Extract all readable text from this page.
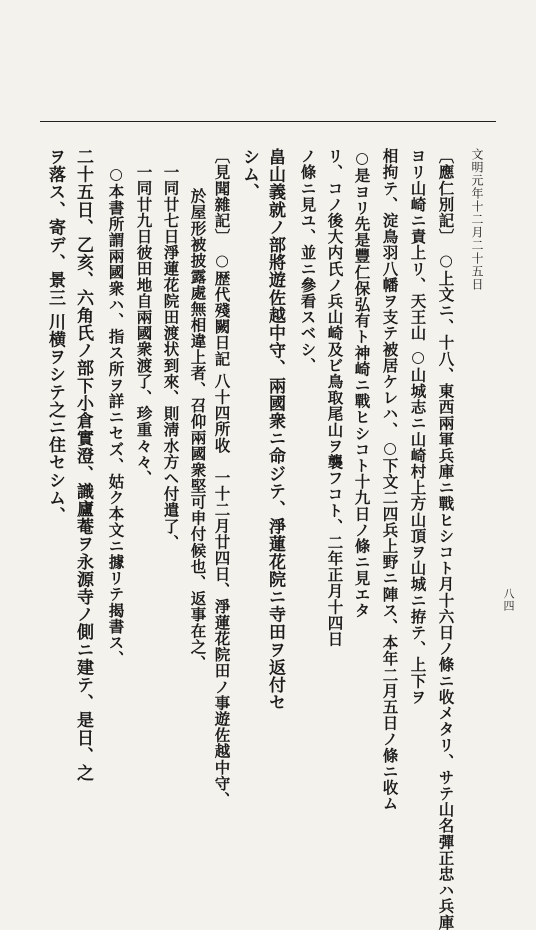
八四
文明元年十二月二十五日
〔應仁別記〕 ○上文ニ、十八、東西兩軍兵庫ニ戰ヒシコト月十六日ノ條ニ收メタリ、サテ山名彈正忠ハ兵庫
ヨリ山崎ニ責上リ、天王山 ○山城志ニ山崎村上方山頂ヲ山城ニ拵テ、上下ヲ
相拘テ、淀鳥羽八幡ヲ支テ被居ケレハ、○下文二四兵上野ニ陣ス、本年二月五日ノ條ニ收ム
○是ヨリ先是豐仁保弘有ト神崎ニ戰ヒシコト十九日ノ條ニ見エタ
リ、コノ後大内氏ノ兵山崎及ビ鳥取尾山ヲ襲フコト、二年正月十四日
ノ條ニ見ユ、並ニ參看スベシ、
畠山義就ノ部將遊佐越中守、兩國衆ニ命ジテ、淨蓮花院ニ寺田ヲ返付セ
シム、
〔見聞雜記〕 ○歴代殘闕日記 八十四所收　一十二月廿四日、淨蓮花院田ノ事遊佐越中守、
於屋形被披露處無相違上者、召仰兩國衆堅可申付候也、返事在之、
一同廿七日淨蓮花院田渡状到來、則淸水方ヘ付遣了、
一同廿九日彼田地自兩國衆渡了、珍重々々、
○本書所謂兩國衆ハ、指ス所ヲ詳ニセズ、姑ク本文ニ據リテ揭書ス、
二十五日、乙亥、六角氏ノ部下小倉實澄、識廬菴ヲ永源寺ノ側ニ建テ、是日、之
ヲ落ス、寄デ、景三 川横ヲシテ之ニ住セシム、
